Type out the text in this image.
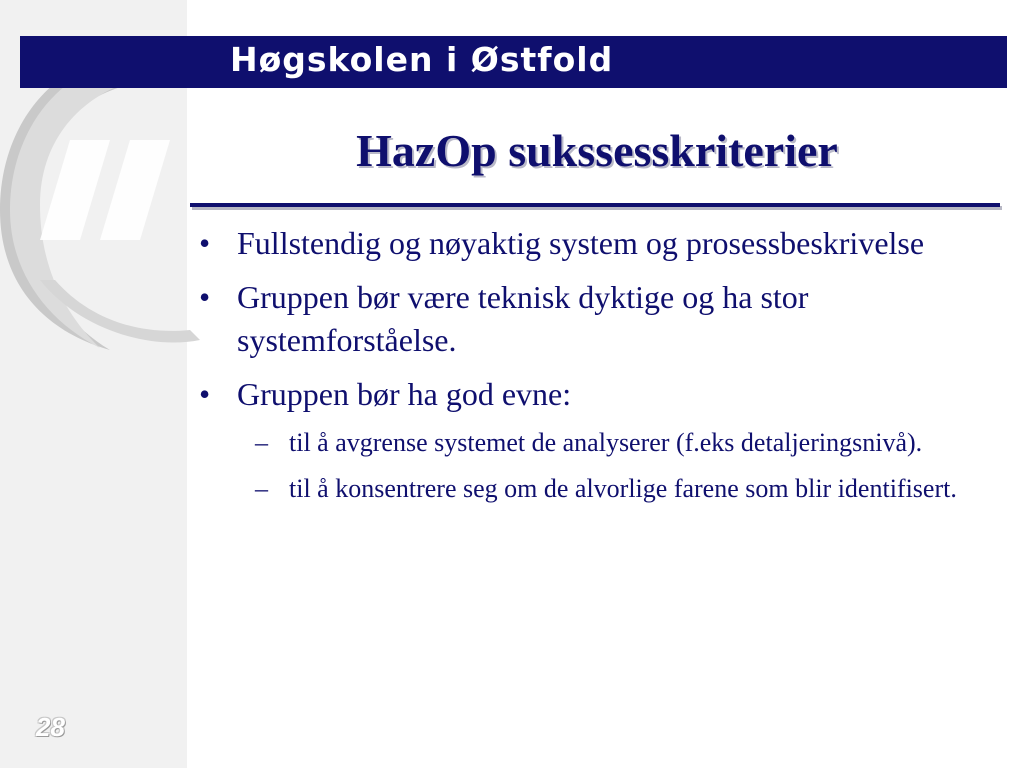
Høgskolen i Østfold
HazOp sukssesskriterier
• Fullstendig og nøyaktig system og prosessbeskrivelse
• Gruppen bør være teknisk dyktige og ha stor systemforståelse.
• Gruppen bør ha god evne:
– til å avgrense systemet de analyserer (f.eks detaljeringsnivå).
– til å konsentrere seg om de alvorlige farene som blir identifisert.
28
